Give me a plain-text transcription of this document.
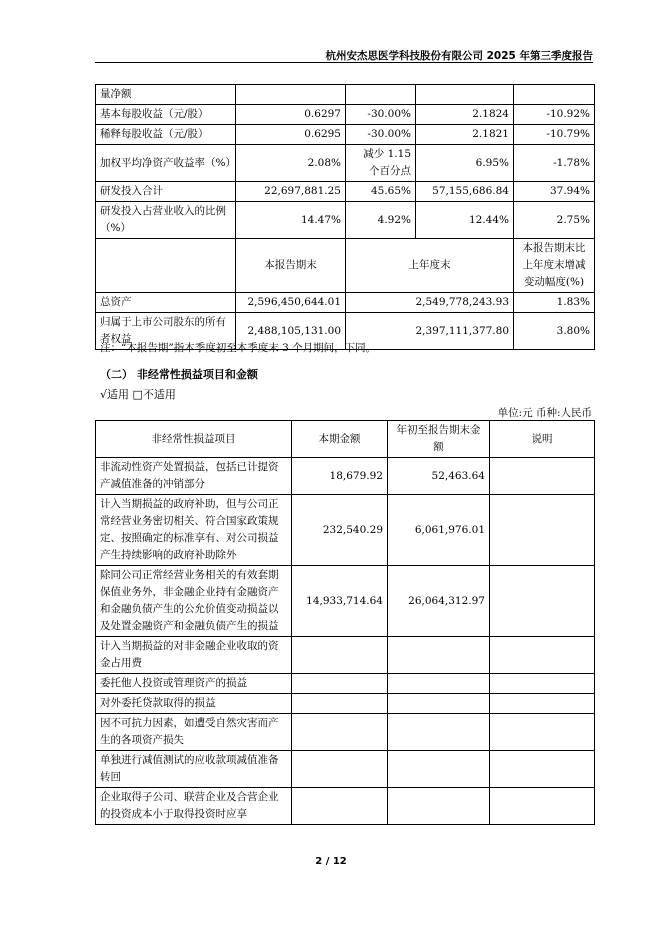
杭州安杰思医学科技股份有限公司 2025 年第三季度报告
量净额				
基本每股收益（元/股）	0.6297	-30.00%	2.1824	-10.92%
稀释每股收益（元/股）	0.6295	-30.00%	2.1821	-10.79%
加权平均净资产收益率（%）	2.08%	减少 1.15 个百分点	6.95%	-1.78%
研发投入合计	22,697,881.25	45.65%	57,155,686.84	37.94%
研发投入占营业收入的比例（%）	14.47%	4.92%	12.44%	2.75%
	本报告期末	上年度末		本报告期末比上年度末增减变动幅度(%)
总资产	2,596,450,644.01	2,549,778,243.93		1.83%
归属于上市公司股东的所有者权益	2,488,105,131.00	2,397,111,377.80		3.80%
注：“本报告期”指本季度初至本季度末 3 个月期间，下同。
（二） 非经常性损益项目和金额
√适用 □不适用
单位:元 币种:人民币
非经常性损益项目	本期金额	年初至报告期末金额	说明
非流动性资产处置损益，包括已计提资产减值准备的冲销部分	18,679.92	52,463.64	
计入当期损益的政府补助，但与公司正常经营业务密切相关、符合国家政策规定、按照确定的标准享有、对公司损益产生持续影响的政府补助除外	232,540.29	6,061,976.01	
除同公司正常经营业务相关的有效套期保值业务外，非金融企业持有金融资产和金融负债产生的公允价值变动损益以及处置金融资产和金融负债产生的损益	14,933,714.64	26,064,312.97	
计入当期损益的对非金融企业收取的资金占用费			
委托他人投资或管理资产的损益			
对外委托贷款取得的损益			
因不可抗力因素，如遭受自然灾害而产生的各项资产损失			
单独进行减值测试的应收款项减值准备转回			
企业取得子公司、联营企业及合营企业的投资成本小于取得投资时应享			
2 / 12
